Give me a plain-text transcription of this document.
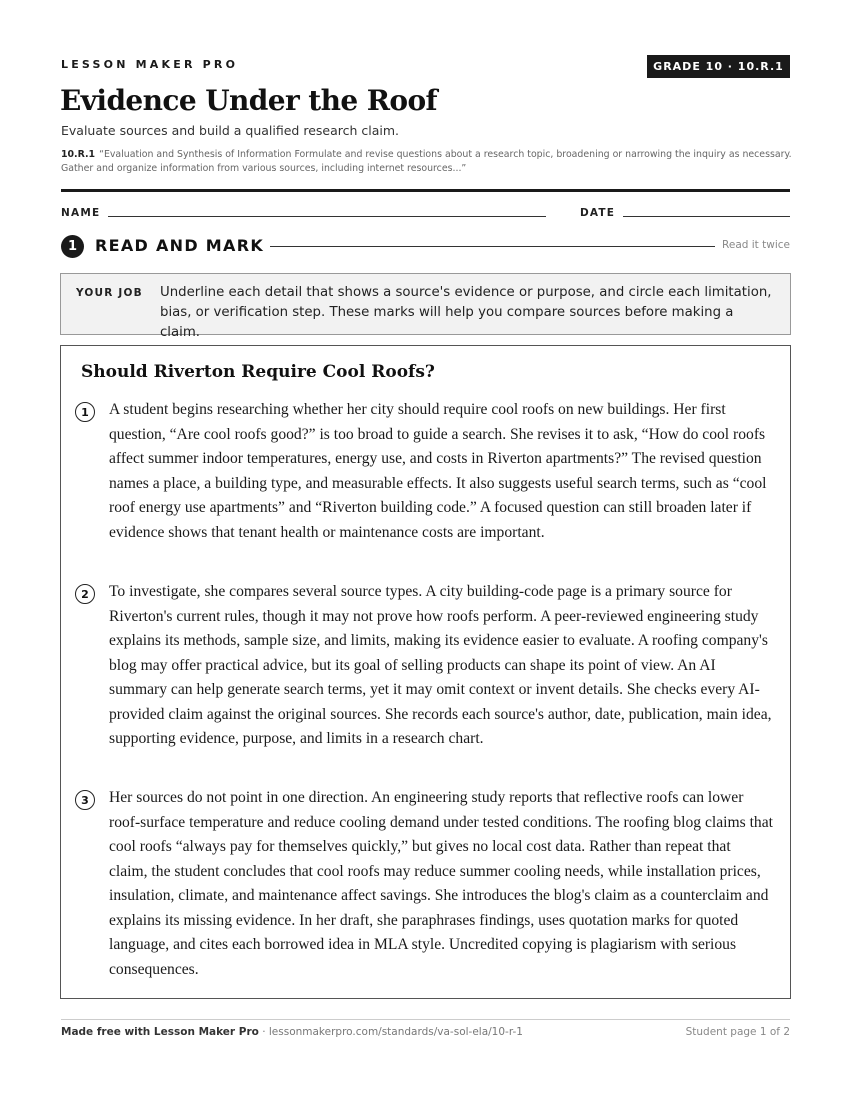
LESSON MAKER PRO	GRADE 10 · 10.R.1
Evidence Under the Roof
Evaluate sources and build a qualified research claim.
10.R.1 “Evaluation and Synthesis of Information Formulate and revise questions about a research topic, broadening or narrowing the inquiry as necessary. Gather and organize information from various sources, including internet resources...”
NAME	DATE
1	READ AND MARK	Read it twice
YOUR JOB Underline each detail that shows a source's evidence or purpose, and circle each limitation, bias, or verification step. These marks will help you compare sources before making a claim.
Should Riverton Require Cool Roofs?
1	A student begins researching whether her city should require cool roofs on new buildings. Her first question, “Are cool roofs good?” is too broad to guide a search. She revises it to ask, “How do cool roofs affect summer indoor temperatures, energy use, and costs in Riverton apartments?” The revised question names a place, a building type, and measurable effects. It also suggests useful search terms, such as “cool roof energy use apartments” and “Riverton building code.” A focused question can still broaden later if evidence shows that tenant health or maintenance costs are important.

2	To investigate, she compares several source types. A city building-code page is a primary source for Riverton's current rules, though it may not prove how roofs perform. A peer-reviewed engineering study explains its methods, sample size, and limits, making its evidence easier to evaluate. A roofing company's blog may offer practical advice, but its goal of selling products can shape its point of view. An AI summary can help generate search terms, yet it may omit context or invent details. She checks every AI-provided claim against the original sources. She records each source's author, date, publication, main idea, supporting evidence, purpose, and limits in a research chart.

3	Her sources do not point in one direction. An engineering study reports that reflective roofs can lower roof-surface temperature and reduce cooling demand under tested conditions. The roofing blog claims that cool roofs “always pay for themselves quickly,” but gives no local cost data. Rather than repeat that claim, the student concludes that cool roofs may reduce summer cooling needs, while installation prices, insulation, climate, and maintenance affect savings. She introduces the blog's claim as a counterclaim and explains its missing evidence. In her draft, she paraphrases findings, uses quotation marks for quoted language, and cites each borrowed idea in MLA style. Uncredited copying is plagiarism with serious consequences.

Made free with Lesson Maker Pro · lessonmakerpro.com/standards/va-sol-ela/10-r-1	Student page 1 of 2
